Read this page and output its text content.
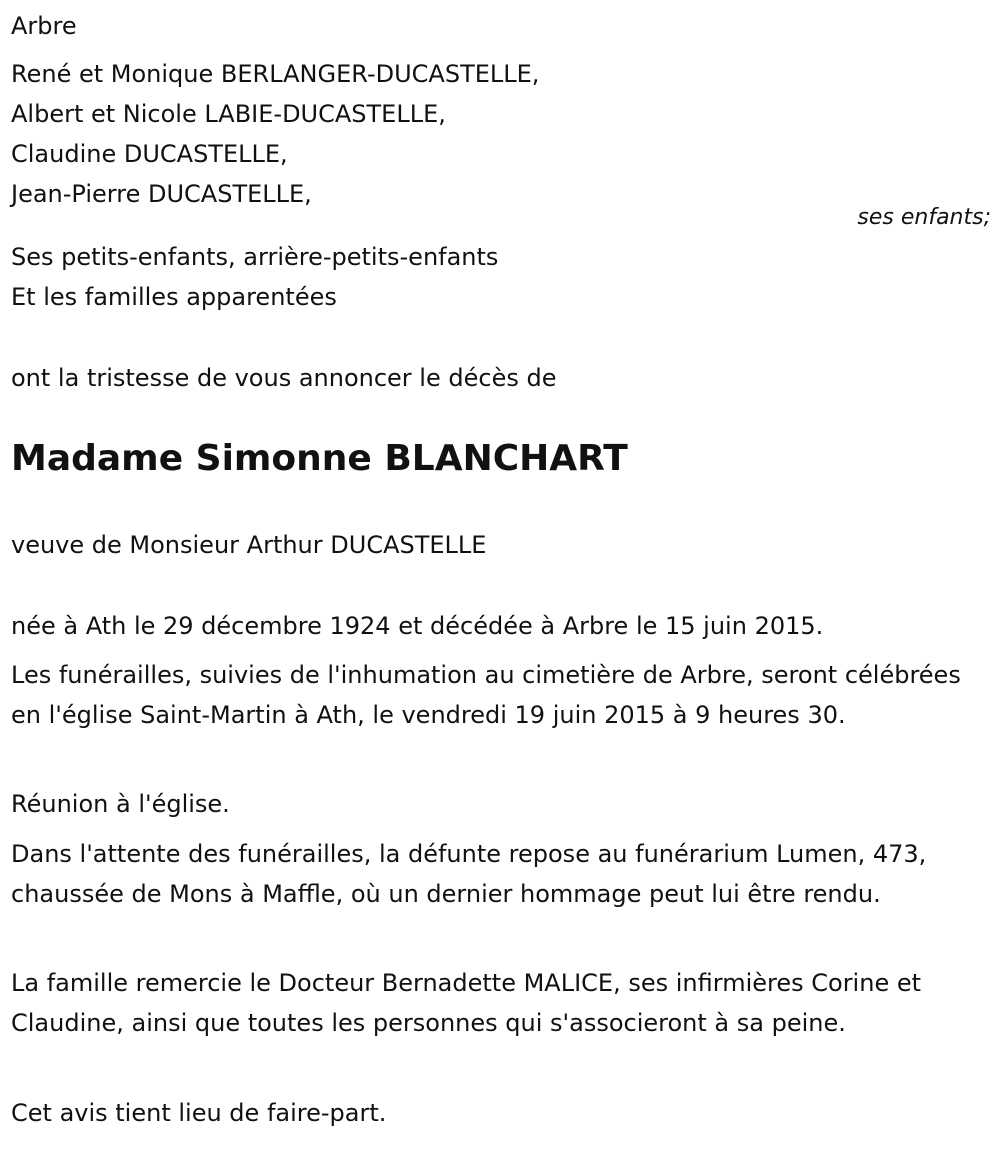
Arbre
René et Monique BERLANGER-DUCASTELLE,
Albert et Nicole LABIE-DUCASTELLE,
Claudine DUCASTELLE,
Jean-Pierre DUCASTELLE,
Ses petits-enfants, arrière-petits-enfants
Et les familles apparentées
ont la tristesse de vous annoncer le décès de
Madame Simonne BLANCHART
veuve de Monsieur Arthur DUCASTELLE
née à Ath le 29 décembre 1924 et décédée à Arbre le 15 juin 2015.
Les funérailles, suivies de l'inhumation au cimetière de Arbre, seront célébrées en l'église Saint-Martin à Ath, le vendredi 19 juin 2015 à 9 heures 30.
Réunion à l'église.
Dans l'attente des funérailles, la défunte repose au funérarium Lumen, 473, chaussée de Mons à Maffle, où un dernier hommage peut lui être rendu.
La famille remercie le Docteur Bernadette MALICE, ses infirmières Corine et Claudine, ainsi que toutes les personnes qui s'associeront à sa peine.
Cet avis tient lieu de faire-part.
ses enfants;
